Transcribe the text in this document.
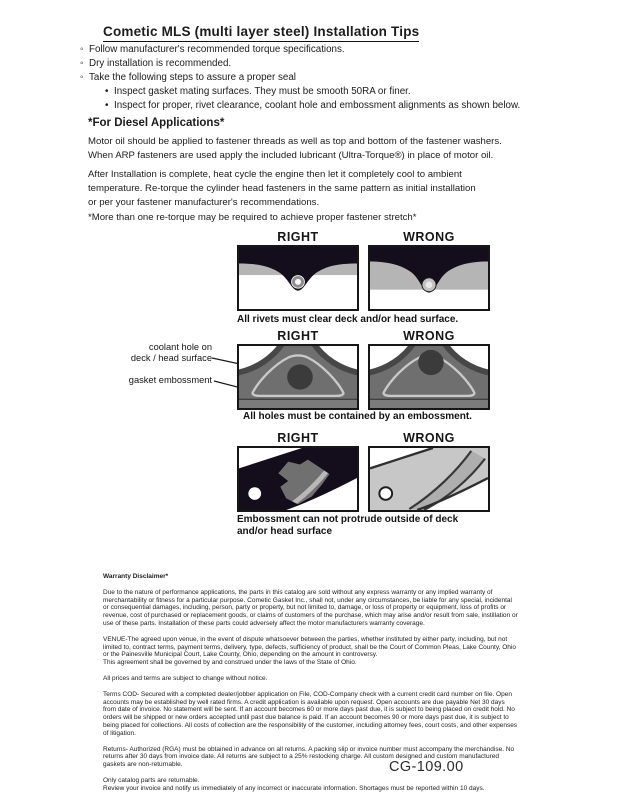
Cometic MLS (multi layer steel) Installation Tips
◦ Follow manufacturer's recommended torque specifications.
◦ Dry installation is recommended.
◦ Take the following steps to assure a proper seal
• Inspect gasket mating surfaces. They must be smooth 50RA or finer.
• Inspect for proper, rivet clearance, coolant hole and embossment alignments as shown below.
*For Diesel Applications*
Motor oil should be applied to fastener threads as well as top and bottom of the fastener washers.
When ARP fasteners are used apply the included lubricant (Ultra-Torque®) in place of motor oil.
After Installation is complete, heat cycle the engine then let it completely cool to ambient
temperature. Re-torque the cylinder head fasteners in the same pattern as initial installation
or per your fastener manufacturer's recommendations.
*More than one re-torque may be required to achieve proper fastener stretch*
RIGHT	WRONG
All rivets must clear deck and/or head surface.
coolant hole on
deck / head surface
gasket embossment
RIGHT	WRONG
All holes must be contained by an embossment.
RIGHT	WRONG
Embossment can not protrude outside of deck
and/or head surface
Warranty Disclaimer*
Due to the nature of performance applications, the parts in this catalog are sold without any express warranty or any implied warranty of merchantability or fitness for a particular purpose. Cometic Gasket Inc., shall not, under any circumstances, be liable for any special, incidental or consequential damages, including, person, party or property, but not limited to, damage, or loss of property or equipment, loss of profits or revenue, cost of purchased or replacement goods, or claims of customers of the purchase, which may arise and/or result from sale, instillation or use of these parts. Installation of these parts could adversely affect the motor manufacturers warranty coverage.
VENUE-The agreed upon venue, in the event of dispute whatsoever between the parties, whether instituted by either party, including, but not limited to, contract terms, payment terms, delivery, type, defects, sufficiency of product, shall be the Court of Common Pleas, Lake County, Ohio or the Painesville Municipal Court, Lake County, Ohio, depending on the amount in controversy.
This agreement shall be governed by and construed under the laws of the State of Ohio.
All prices and terms are subject to change without notice.
Terms COD- Secured with a completed dealer/jobber application on File, COD-Company check with a current credit card number on file. Open accounts may be established by well rated firms. A credit application is available upon request. Open accounts are due payable Net 30 days from date of invoice. No statement will be sent. If an account becomes 60 or more days past due, it is subject to being placed on credit hold. No orders will be shipped or new orders accepted until past due balance is paid. If an account becomes 90 or more days past due, it is subject to being placed for collections. All costs of collection are the responsibility of the customer, including attorney fees, court costs, and other expenses of litigation.
Returns- Authorized (RGA) must be obtained in advance on all returns. A packing slip or invoice number must accompany the merchandise. No returns after 30 days from invoice date. All returns are subject to a 25% restocking charge. All custom designed and custom manufactured gaskets are non-returnable.
Only catalog parts are returnable.
Review your invoice and notify us immediately of any incorrect or inaccurate information. Shortages must be reported within 10 days.
CG-109.00
